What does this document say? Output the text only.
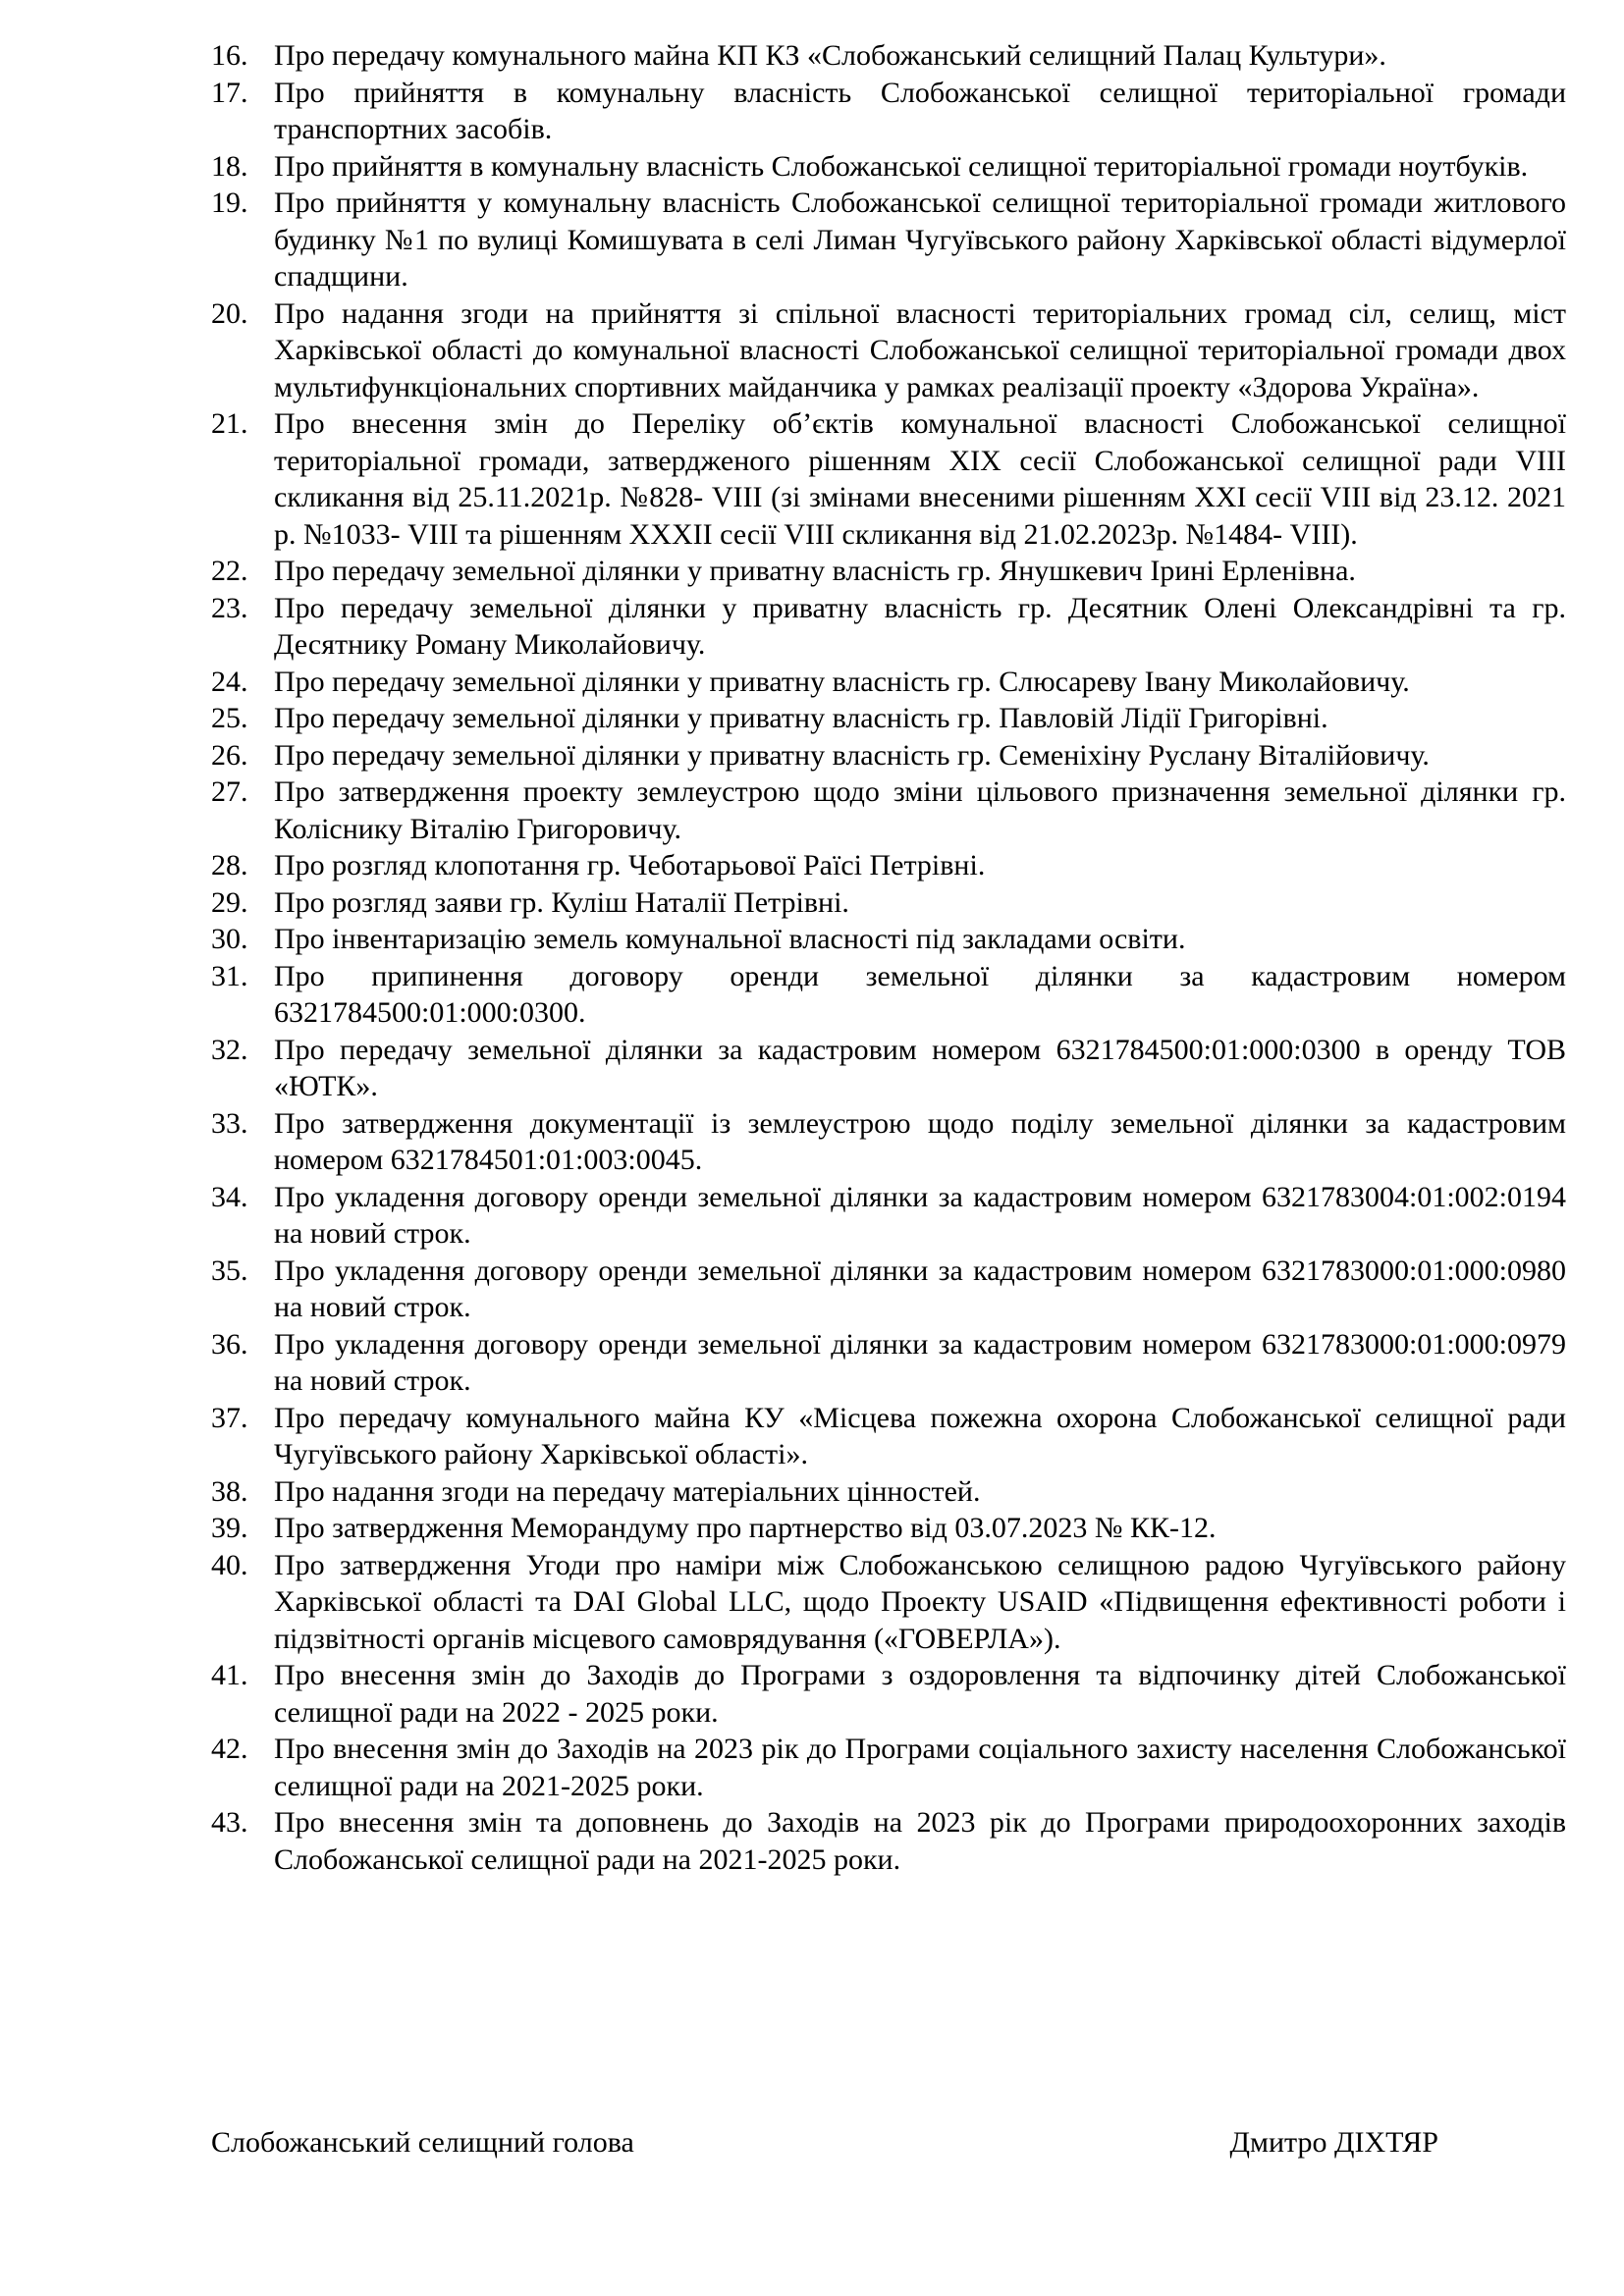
16. Про передачу комунального майна КП КЗ «Слобожанський селищний Палац Культури».
17. Про прийняття в комунальну власність Слобожанської селищної територіальної громади транспортних засобів.
18. Про прийняття в комунальну власність Слобожанської селищної територіальної громади ноутбуків.
19. Про прийняття у комунальну власність Слобожанської селищної територіальної громади житлового будинку №1 по вулиці Комишувата в селі Лиман Чугуївського району Харківської області відумерлої спадщини.
20. Про надання згоди на прийняття зі спільної власності територіальних громад сіл, селищ, міст Харківської області до комунальної власності Слобожанської селищної територіальної громади двох мультифункціональних спортивних майданчика у рамках реалізації проекту «Здорова Україна».
21. Про внесення змін до Переліку об’єктів комунальної власності Слобожанської селищної територіальної громади, затвердженого рішенням XIX сесії Слобожанської селищної ради VIII скликання від 25.11.2021р. №828- VIII (зі змінами внесеними рішенням XXI сесії VIII від 23.12. 2021 р. №1033- VIII та рішенням XXXII сесії VIII скликання від 21.02.2023р. №1484- VIII).
22. Про передачу земельної ділянки у приватну власність гр. Янушкевич Ірині Ерленівна.
23. Про передачу земельної ділянки у приватну власність гр. Десятник Олені Олександрівні та гр. Десятнику Роману Миколайовичу.
24. Про передачу земельної ділянки у приватну власність гр. Слюсареву Івану Миколайовичу.
25. Про передачу земельної ділянки у приватну власність гр. Павловій Лідії Григорівні.
26. Про передачу земельної ділянки у приватну власність гр. Семеніхіну Руслану Віталійовичу.
27. Про затвердження проекту землеустрою щодо зміни цільового призначення земельної ділянки гр. Коліснику Віталію Григоровичу.
28. Про розгляд клопотання гр. Чеботарьової Раїсі Петрівні.
29. Про розгляд заяви гр. Куліш Наталії Петрівні.
30. Про інвентаризацію земель комунальної власності під закладами освіти.
31. Про припинення договору оренди земельної ділянки за кадастровим номером 6321784500:01:000:0300.
32. Про передачу земельної ділянки за кадастровим номером 6321784500:01:000:0300 в оренду ТОВ «ЮТК».
33. Про затвердження документації із землеустрою щодо поділу земельної ділянки за кадастровим номером 6321784501:01:003:0045.
34. Про укладення договору оренди земельної ділянки за кадастровим номером 6321783004:01:002:0194 на новий строк.
35. Про укладення договору оренди земельної ділянки за кадастровим номером 6321783000:01:000:0980 на новий строк.
36. Про укладення договору оренди земельної ділянки за кадастровим номером 6321783000:01:000:0979 на новий строк.
37. Про передачу комунального майна КУ «Місцева пожежна охорона Слобожанської селищної ради Чугуївського району Харківської області».
38. Про надання згоди на передачу матеріальних цінностей.
39. Про затвердження Меморандуму про партнерство від 03.07.2023 № КК-12.
40. Про затвердження Угоди про наміри між Слобожанською селищною радою Чугуївського району Харківської області та DAI Global LLC, щодо Проекту USAID «Підвищення ефективності роботи і підзвітності органів місцевого самоврядування («ГОВЕРЛА»).
41. Про внесення змін до Заходів до Програми з оздоровлення та відпочинку дітей Слобожанської селищної ради на 2022 - 2025 роки.
42. Про внесення змін до Заходів на 2023 рік до Програми соціального захисту населення Слобожанської селищної ради на 2021-2025 роки.
43. Про внесення змін та доповнень до Заходів на 2023 рік до Програми природоохоронних заходів Слобожанської селищної ради на 2021-2025 роки.
Слобожанський селищний голова	Дмитро ДІХТЯР
